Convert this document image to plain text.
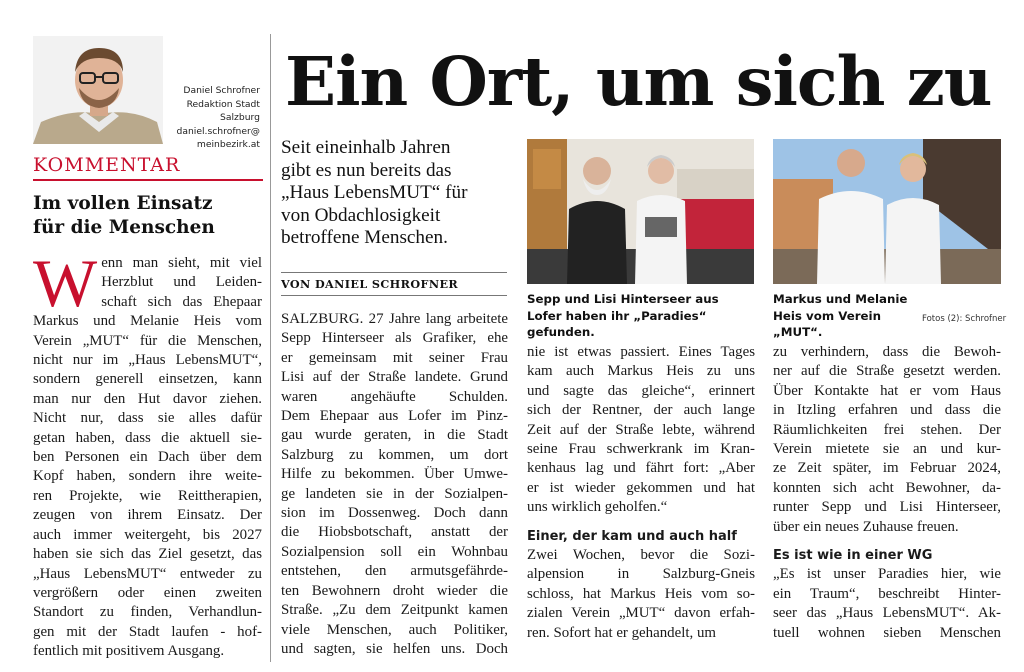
Daniel Schrofner
Redaktion Stadt Salzburg
daniel.schrofner@
meinbezirk.at
KOMMENTAR
Im vollen Einsatz
für die Menschen
W enn man sieht, mit viel
Herzblut und Leiden-
schaft sich das Ehepaar
Markus und Melanie Heis vom
Verein „MUT“ für die Menschen,
nicht nur im „Haus LebensMUT“,
sondern generell einsetzen, kann
man nur den Hut davor ziehen.
Nicht nur, dass sie alles dafür
getan haben, dass die aktuell sie-
ben Personen ein Dach über dem
Kopf haben, sondern ihre weite-
ren Projekte, wie Reittherapien,
zeugen von ihrem Einsatz. Der
auch immer weitergeht, bis 2027
haben sie sich das Ziel gesetzt, das
„Haus LebensMUT“ entweder zu
vergrößern oder einen zweiten
Standort zu finden, Verhandlun-
gen mit der Stadt laufen - hof-
fentlich mit positivem Ausgang.
Ein Ort, um sich zu
Seit eineinhalb Jahren
gibt es nun bereits das
„Haus LebensMUT“ für
von Obdachlosigkeit
betroffene Menschen.
VON DANIEL SCHROFNER
SALZBURG. 27 Jahre lang arbeitete
Sepp Hinterseer als Grafiker, ehe
er gemeinsam mit seiner Frau
Lisi auf der Straße landete. Grund
waren angehäufte Schulden.
Dem Ehepaar aus Lofer im Pinz-
gau wurde geraten, in die Stadt
Salzburg zu kommen, um dort
Hilfe zu bekommen. Über Umwe-
ge landeten sie in der Sozialpen-
sion im Dossenweg. Doch dann
die Hiobsbotschaft, anstatt der
Sozialpension soll ein Wohnbau
entstehen, den armutsgefährde-
ten Bewohnern droht wieder die
Straße. „Zu dem Zeitpunkt kamen
viele Menschen, auch Politiker,
und sagten, sie helfen uns. Doch
Sepp und Lisi Hinterseer aus Lofer haben ihr „Paradies“ gefunden.
Markus und Melanie Heis vom Verein „MUT“.
Fotos (2): Schrofner
nie ist etwas passiert. Eines Tages
kam auch Markus Heis zu uns
und sagte das gleiche“, erinnert
sich der Rentner, der auch lange
Zeit auf der Straße lebte, während
seine Frau schwerkrank im Kran-
kenhaus lag und fährt fort: „Aber
er ist wieder gekommen und hat
uns wirklich geholfen.“

Einer, der kam und auch half

Zwei Wochen, bevor die Sozi-
alpension in Salzburg-Gneis
schloss, hat Markus Heis vom so-
zialen Verein „MUT“ davon erfah-
ren. Sofort hat er gehandelt, um
zu verhindern, dass die Bewoh-
ner auf die Straße gesetzt werden.
Über Kontakte hat er vom Haus
in Itzling erfahren und dass die
Räumlichkeiten frei stehen. Der
Verein mietete sie an und kur-
ze Zeit später, im Februar 2024,
konnten sich acht Bewohner, da-
runter Sepp und Lisi Hinterseer,
über ein neues Zuhause freuen.

Es ist wie in einer WG

„Es ist unser Paradies hier, wie
ein Traum“, beschreibt Hinter-
seer das „Haus LebensMUT“. Ak-
tuell wohnen sieben Menschen
